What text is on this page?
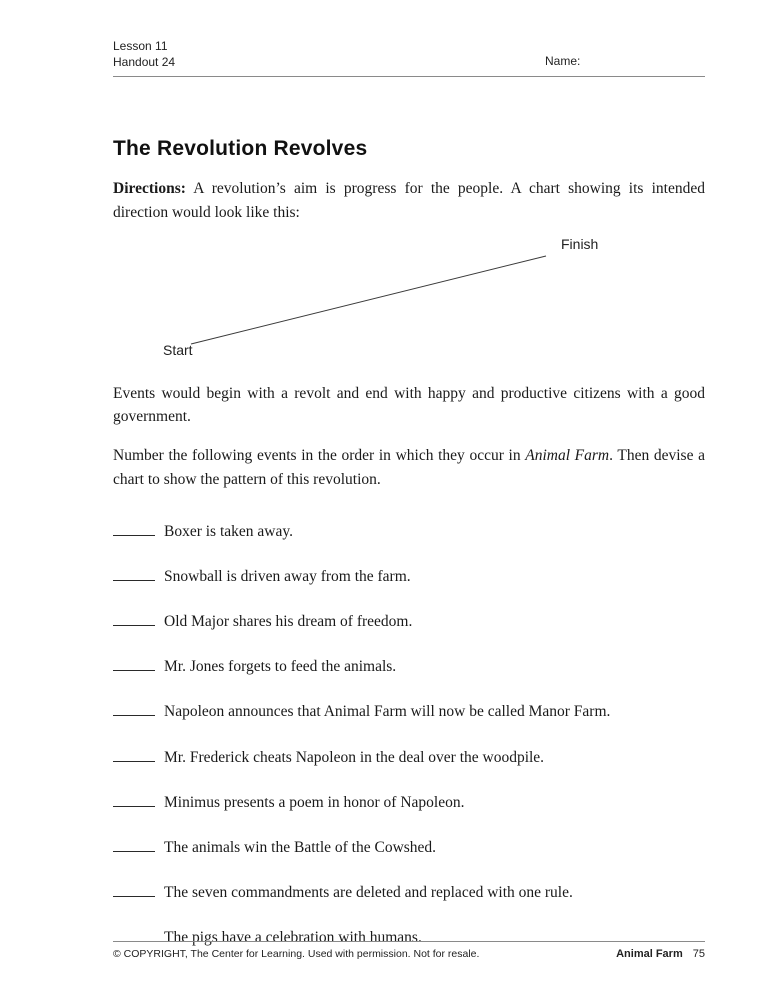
Lesson 11
Handout 24	Name:
The Revolution Revolves

Directions: A revolution’s aim is progress for the people. A chart showing its intended direction would look like this:

Finish
Start

Events would begin with a revolt and end with happy and productive citizens with a good government.

Number the following events in the order in which they occur in Animal Farm. Then devise a chart to show the pattern of this revolution.

Boxer is taken away.
Snowball is driven away from the farm.
Old Major shares his dream of freedom.
Mr. Jones forgets to feed the animals.
Napoleon announces that Animal Farm will now be called Manor Farm.
Mr. Frederick cheats Napoleon in the deal over the woodpile.
Minimus presents a poem in honor of Napoleon.
The animals win the Battle of the Cowshed.
The seven commandments are deleted and replaced with one rule.
The pigs have a celebration with humans.
© COPYRIGHT, The Center for Learning. Used with permission. Not for resale.	Animal Farm 75
